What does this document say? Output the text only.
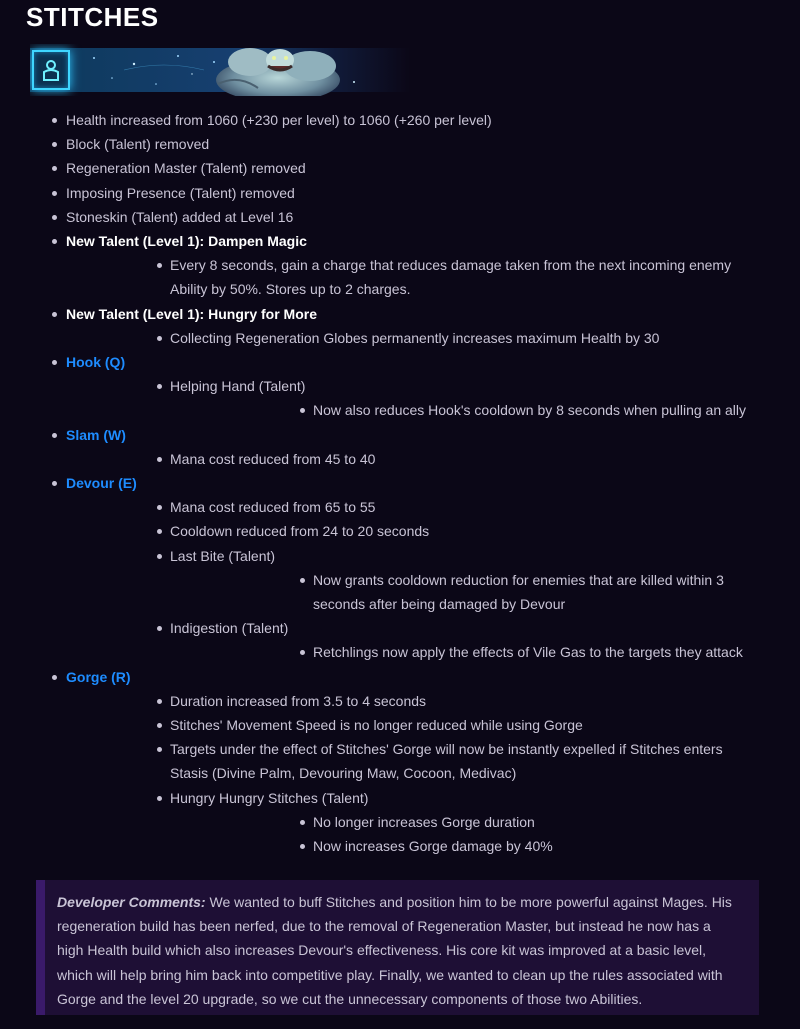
STITCHES
Health increased from 1060 (+230 per level) to 1060 (+260 per level)
Block (Talent) removed
Regeneration Master (Talent) removed
Imposing Presence (Talent) removed
Stoneskin (Talent) added at Level 16
New Talent (Level 1): Dampen Magic
Every 8 seconds, gain a charge that reduces damage taken from the next incoming enemy Ability by 50%. Stores up to 2 charges.
New Talent (Level 1): Hungry for More
Collecting Regeneration Globes permanently increases maximum Health by 30
Hook (Q)
Helping Hand (Talent)
Now also reduces Hook's cooldown by 8 seconds when pulling an ally
Slam (W)
Mana cost reduced from 45 to 40
Devour (E)
Mana cost reduced from 65 to 55
Cooldown reduced from 24 to 20 seconds
Last Bite (Talent)
Now grants cooldown reduction for enemies that are killed within 3 seconds after being damaged by Devour
Indigestion (Talent)
Retchlings now apply the effects of Vile Gas to the targets they attack
Gorge (R)
Duration increased from 3.5 to 4 seconds
Stitches' Movement Speed is no longer reduced while using Gorge
Targets under the effect of Stitches' Gorge will now be instantly expelled if Stitches enters Stasis (Divine Palm, Devouring Maw, Cocoon, Medivac)
Hungry Hungry Stitches (Talent)
No longer increases Gorge duration
Now increases Gorge damage by 40%
Developer Comments: We wanted to buff Stitches and position him to be more powerful against Mages. His regeneration build has been nerfed, due to the removal of Regeneration Master, but instead he now has a high Health build which also increases Devour's effectiveness. His core kit was improved at a basic level, which will help bring him back into competitive play. Finally, we wanted to clean up the rules associated with Gorge and the level 20 upgrade, so we cut the unnecessary components of those two Abilities.
